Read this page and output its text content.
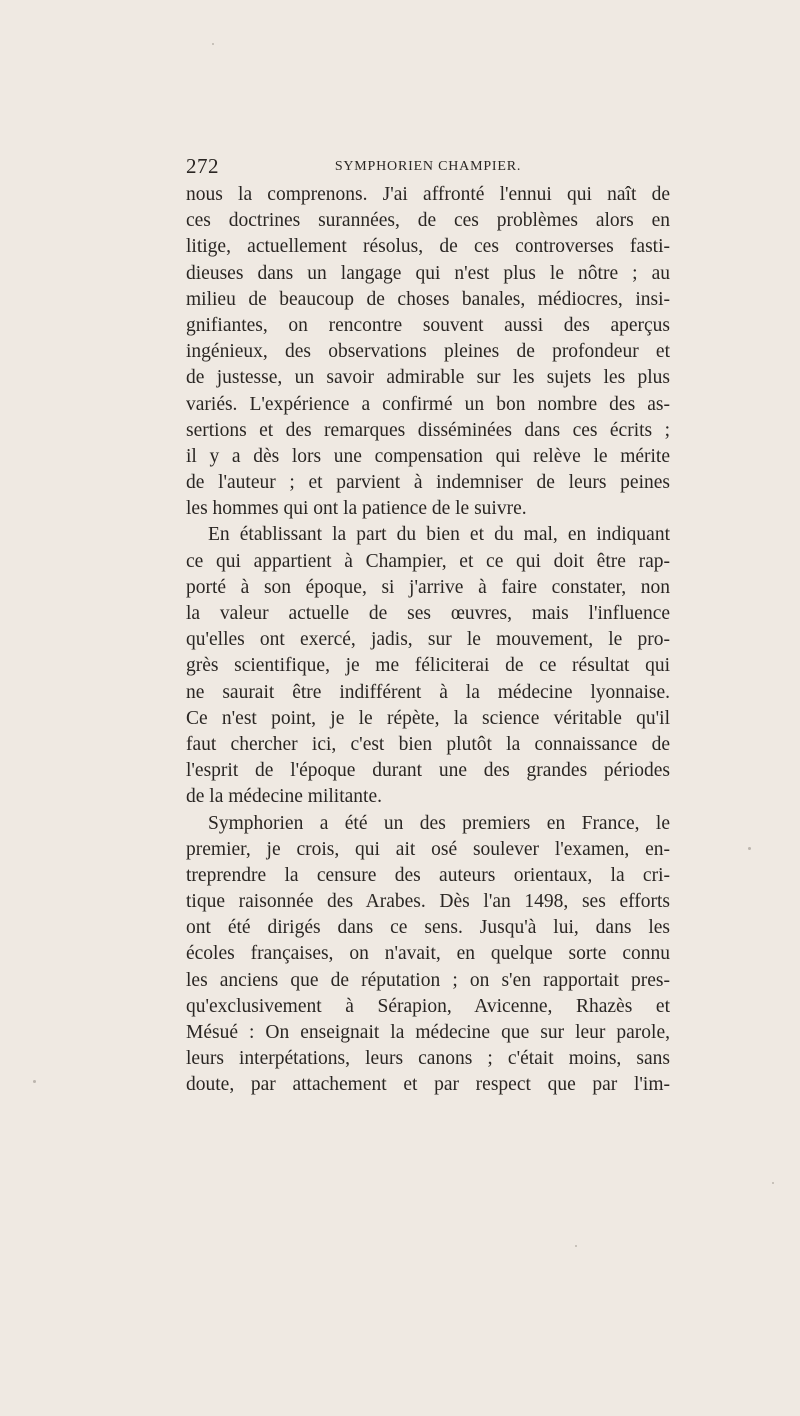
272	SYMPHORIEN CHAMPIER.
nous la comprenons. J'ai affronté l'ennui qui naît de
ces doctrines surannées, de ces problèmes alors en
litige, actuellement résolus, de ces controverses fasti-
dieuses dans un langage qui n'est plus le nôtre ; au
milieu de beaucoup de choses banales, médiocres, insi-
gnifiantes, on rencontre souvent aussi des aperçus
ingénieux, des observations pleines de profondeur et
de justesse, un savoir admirable sur les sujets les plus
variés. L'expérience a confirmé un bon nombre des as-
sertions et des remarques disséminées dans ces écrits ;
il y a dès lors une compensation qui relève le mérite
de l'auteur ; et parvient à indemniser de leurs peines
les hommes qui ont la patience de le suivre.
En établissant la part du bien et du mal, en indiquant
ce qui appartient à Champier, et ce qui doit être rap-
porté à son époque, si j'arrive à faire constater, non
la valeur actuelle de ses œuvres, mais l'influence
qu'elles ont exercé, jadis, sur le mouvement, le pro-
grès scientifique, je me féliciterai de ce résultat qui
ne saurait être indifférent à la médecine lyonnaise.
Ce n'est point, je le répète, la science véritable qu'il
faut chercher ici, c'est bien plutôt la connaissance de
l'esprit de l'époque durant une des grandes périodes
de la médecine militante.
Symphorien a été un des premiers en France, le
premier, je crois, qui ait osé soulever l'examen, en-
treprendre la censure des auteurs orientaux, la cri-
tique raisonnée des Arabes. Dès l'an 1498, ses efforts
ont été dirigés dans ce sens. Jusqu'à lui, dans les
écoles françaises, on n'avait, en quelque sorte connu
les anciens que de réputation ; on s'en rapportait pres-
qu'exclusivement à Sérapion, Avicenne, Rhazès et
Mésué : On enseignait la médecine que sur leur parole,
leurs interpétations, leurs canons ; c'était moins, sans
doute, par attachement et par respect que par l'im-
